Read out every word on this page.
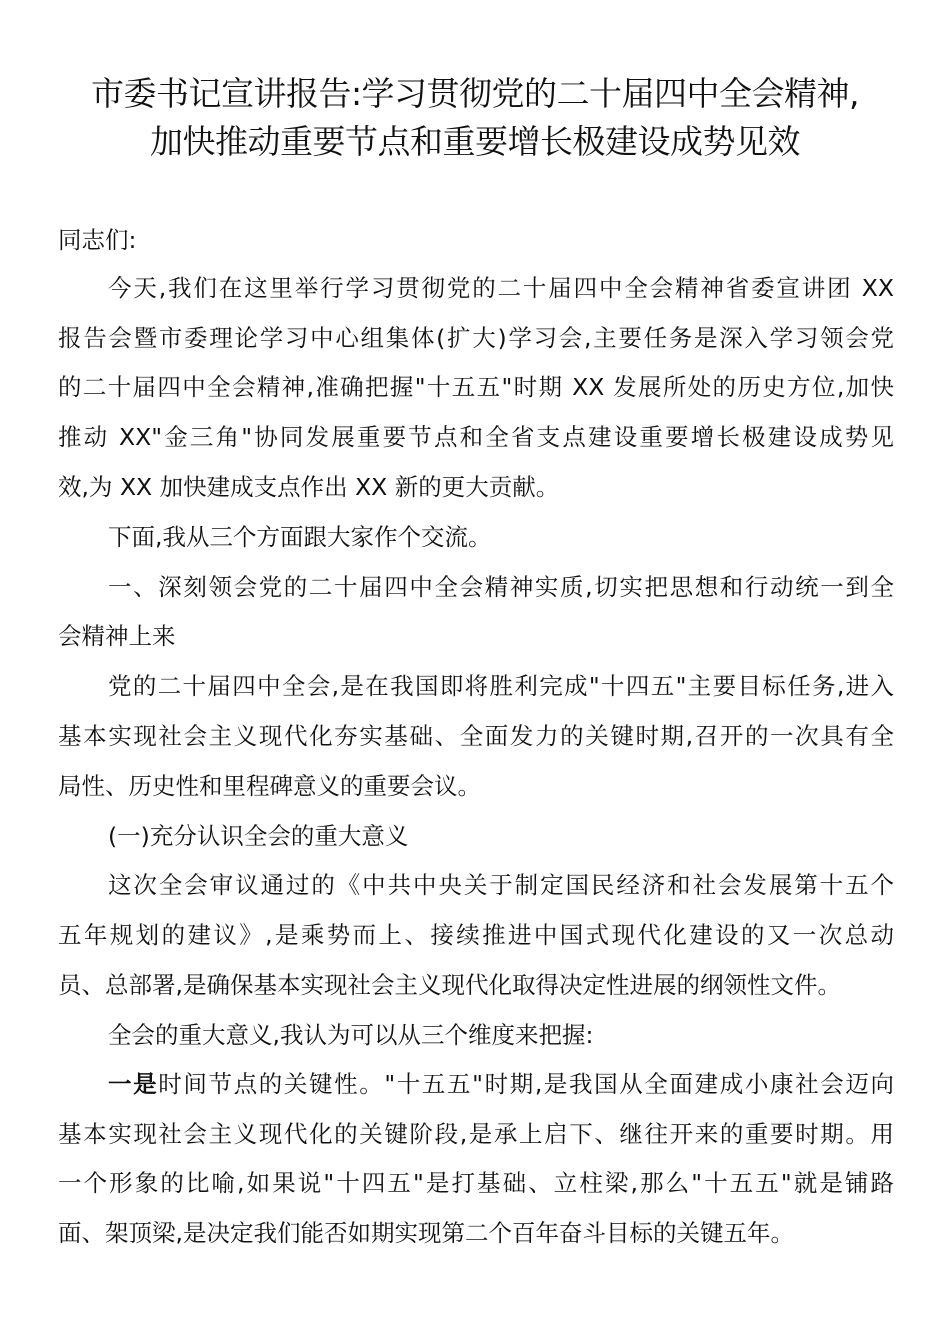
市委书记宣讲报告:学习贯彻党的二十届四中全会精神,
加快推动重要节点和重要增长极建设成势见效
同志们:
今天,我们在这里举行学习贯彻党的二十届四中全会精神省委宣讲团 XX
报告会暨市委理论学习中心组集体(扩大)学习会,主要任务是深入学习领会党
的二十届四中全会精神,准确把握"十五五"时期 XX 发展所处的历史方位,加快
推动 XX"金三角"协同发展重要节点和全省支点建设重要增长极建设成势见
效,为 XX 加快建成支点作出 XX 新的更大贡献。
下面,我从三个方面跟大家作个交流。
一、深刻领会党的二十届四中全会精神实质,切实把思想和行动统一到全
会精神上来
党的二十届四中全会,是在我国即将胜利完成"十四五"主要目标任务,进入
基本实现社会主义现代化夯实基础、全面发力的关键时期,召开的一次具有全
局性、历史性和里程碑意义的重要会议。
(一)充分认识全会的重大意义
这次全会审议通过的《中共中央关于制定国民经济和社会发展第十五个
五年规划的建议》,是乘势而上、接续推进中国式现代化建设的又一次总动
员、总部署,是确保基本实现社会主义现代化取得决定性进展的纲领性文件。
全会的重大意义,我认为可以从三个维度来把握:
一是时间节点的关键性。"十五五"时期,是我国从全面建成小康社会迈向
基本实现社会主义现代化的关键阶段,是承上启下、继往开来的重要时期。用
一个形象的比喻,如果说"十四五"是打基础、立柱梁,那么"十五五"就是铺路
面、架顶梁,是决定我们能否如期实现第二个百年奋斗目标的关键五年。
